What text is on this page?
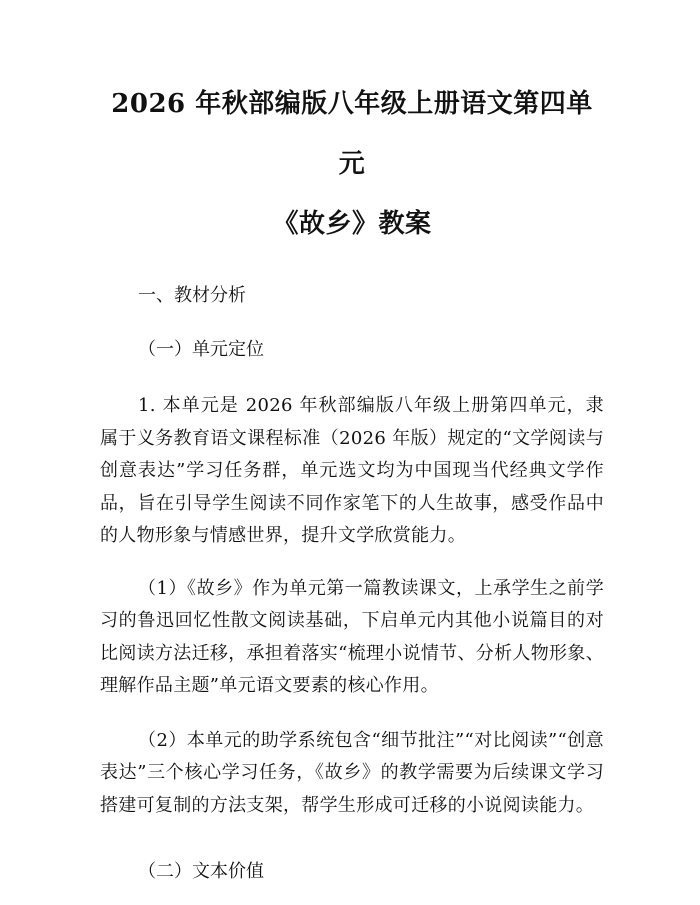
2026 年秋部编版八年级上册语文第四单元
《故乡》教案

一、教材分析

（一）单元定位

1. 本单元是 2026 年秋部编版八年级上册第四单元，隶属于义务教育语文课程标准（2026 年版）规定的“文学阅读与创意表达”学习任务群，单元选文均为中国现当代经典文学作品，旨在引导学生阅读不同作家笔下的人生故事，感受作品中的人物形象与情感世界，提升文学欣赏能力。

（1）《故乡》作为单元第一篇教读课文，上承学生之前学习的鲁迅回忆性散文阅读基础，下启单元内其他小说篇目的对比阅读方法迁移，承担着落实“梳理小说情节、分析人物形象、理解作品主题”单元语文要素的核心作用。

（2）本单元的助学系统包含“细节批注”“对比阅读”“创意表达”三个核心学习任务，《故乡》的教学需要为后续课文学习搭建可复制的方法支架，帮学生形成可迁移的小说阅读能力。

（二）文本价值
